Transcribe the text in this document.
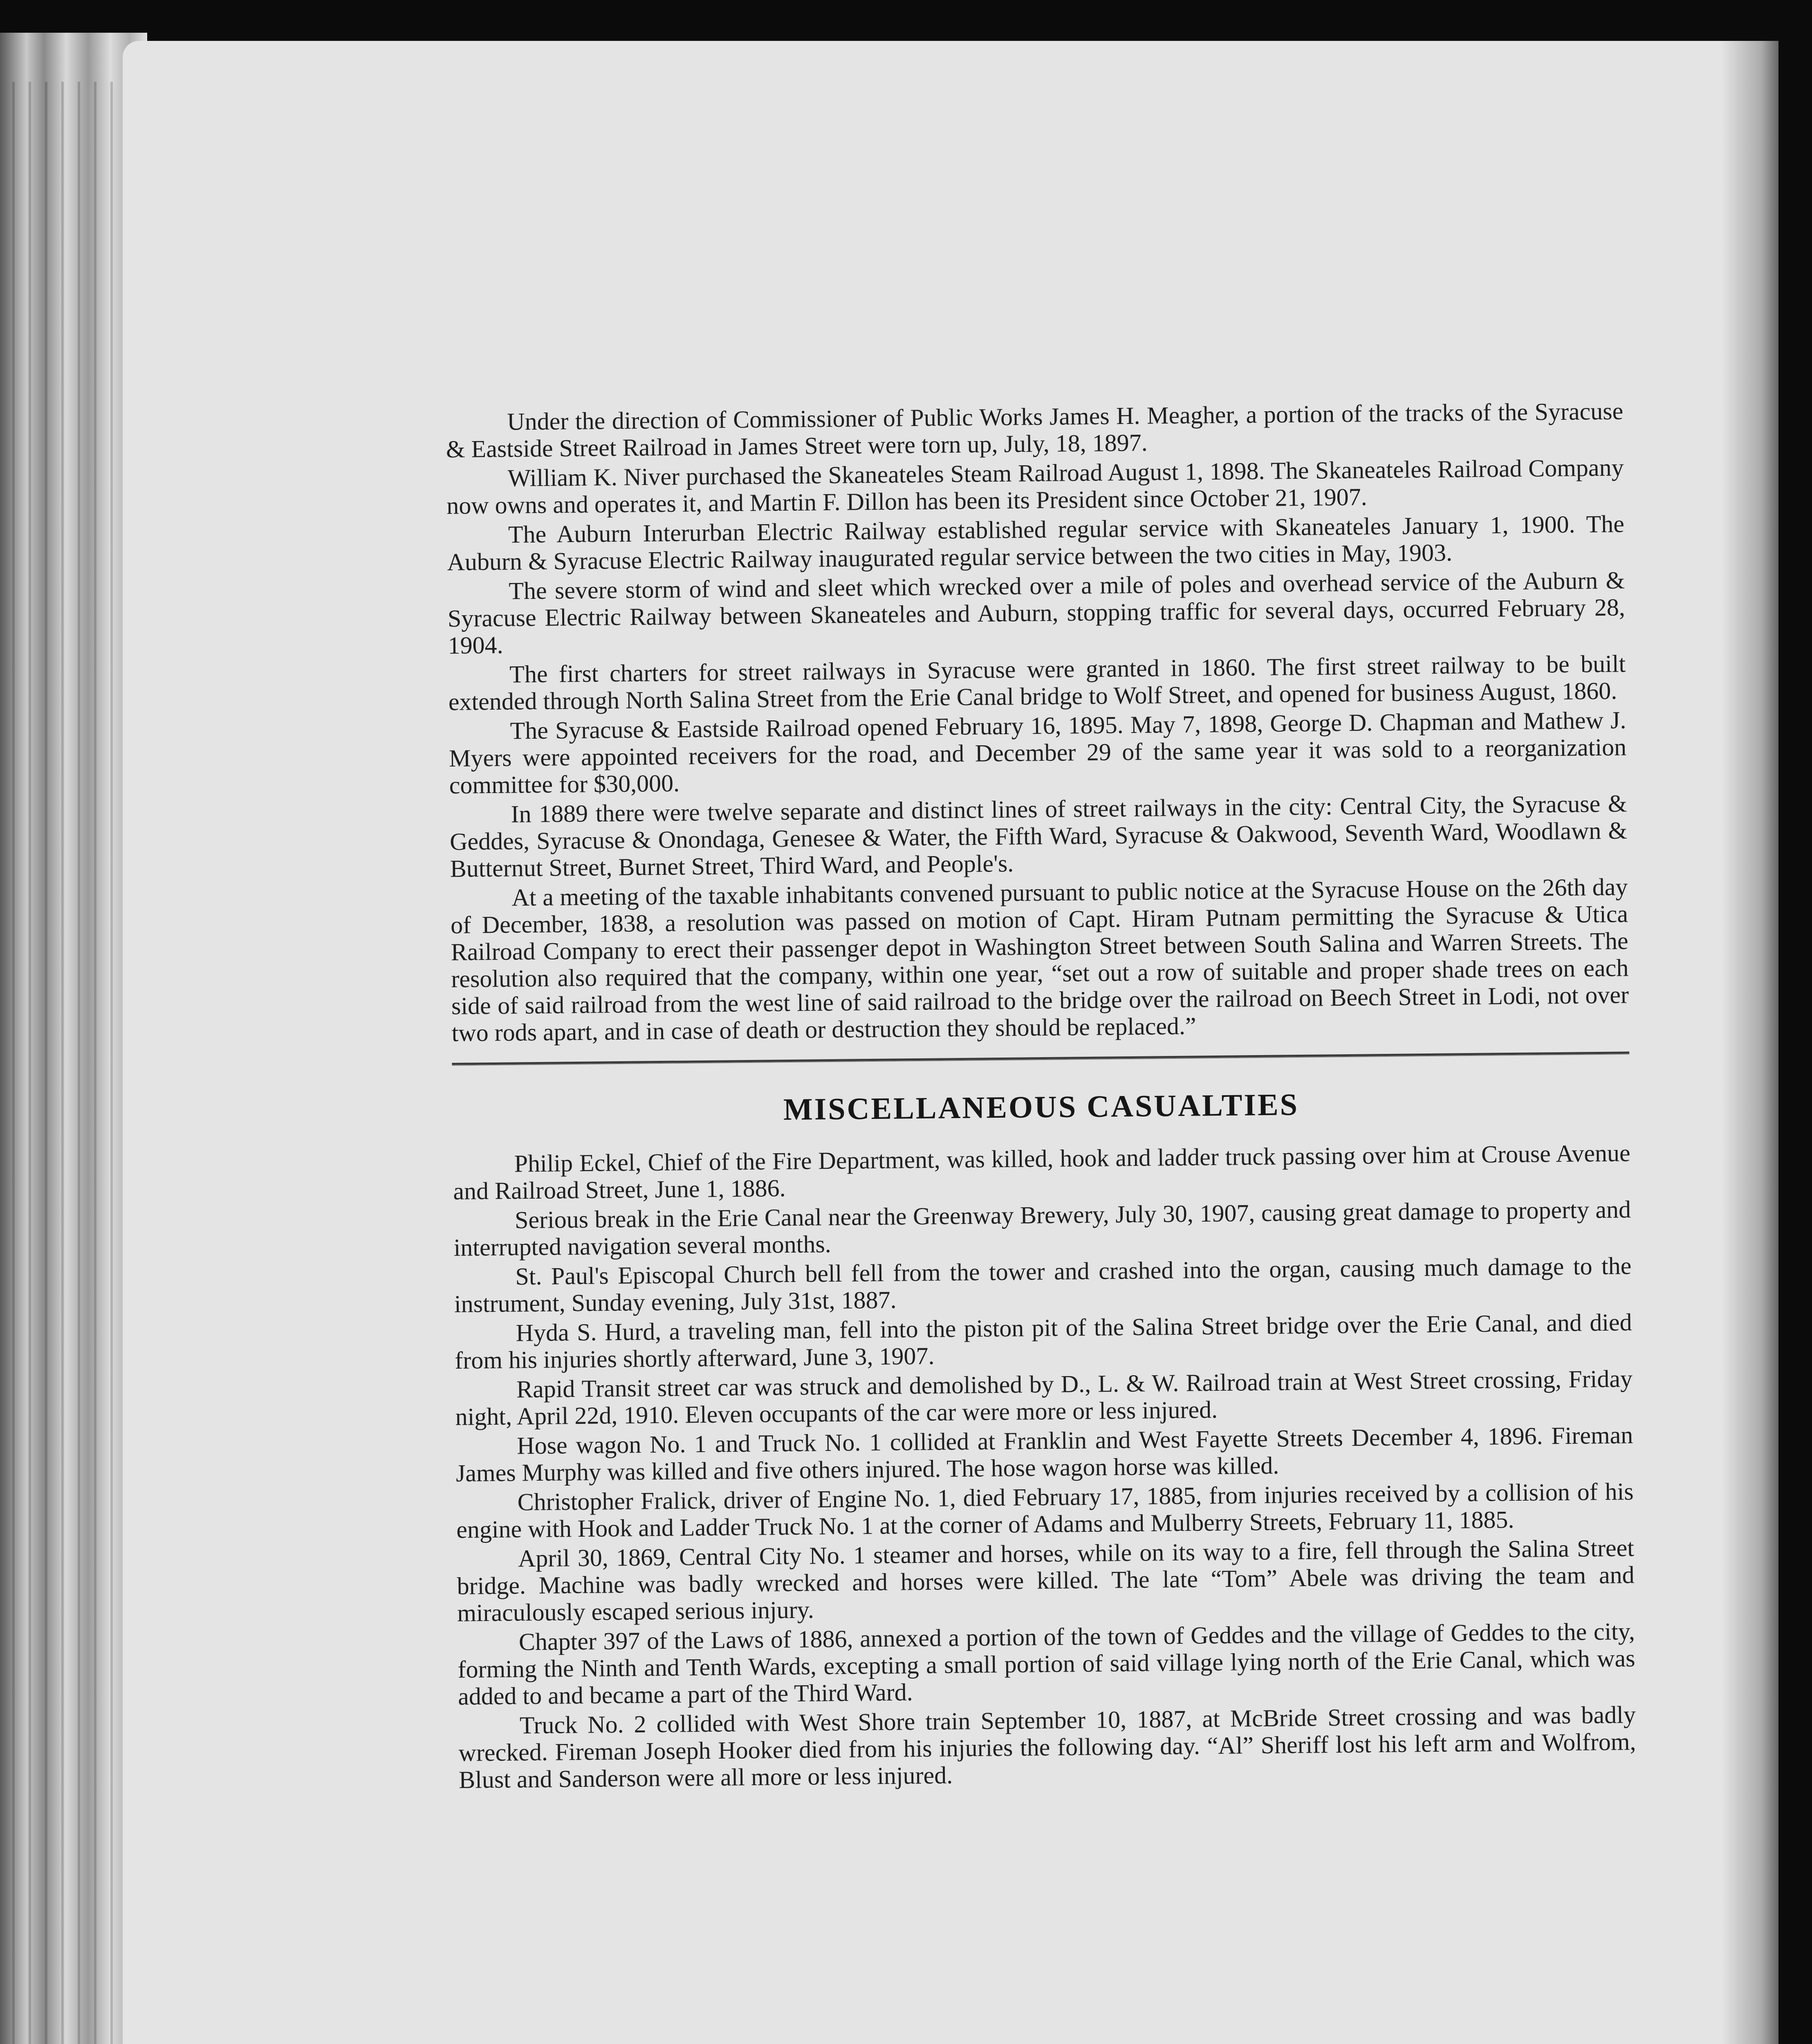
Under the direction of Commissioner of Public Works James H. Meagher, a portion of the tracks of the Syracuse & Eastside Street Railroad in James Street were torn up, July, 18, 1897.

William K. Niver purchased the Skaneateles Steam Railroad August 1, 1898. The Skaneateles Railroad Company now owns and operates it, and Martin F. Dillon has been its President since October 21, 1907.

The Auburn Interurban Electric Railway established regular service with Skaneateles January 1, 1900. The Auburn & Syracuse Electric Railway inaugurated regular service between the two cities in May, 1903.

The severe storm of wind and sleet which wrecked over a mile of poles and overhead service of the Auburn & Syracuse Electric Railway between Skaneateles and Auburn, stopping traffic for several days, occurred February 28, 1904.

The first charters for street railways in Syracuse were granted in 1860. The first street railway to be built extended through North Salina Street from the Erie Canal bridge to Wolf Street, and opened for business August, 1860.

The Syracuse & Eastside Railroad opened February 16, 1895. May 7, 1898, George D. Chapman and Mathew J. Myers were appointed receivers for the road, and December 29 of the same year it was sold to a reorganization committee for $30,000.

In 1889 there were twelve separate and distinct lines of street railways in the city: Central City, the Syracuse & Geddes, Syracuse & Onondaga, Genesee & Water, the Fifth Ward, Syracuse & Oakwood, Seventh Ward, Woodlawn & Butternut Street, Burnet Street, Third Ward, and People's.

At a meeting of the taxable inhabitants convened pursuant to public notice at the Syracuse House on the 26th day of December, 1838, a resolution was passed on motion of Capt. Hiram Putnam permitting the Syracuse & Utica Railroad Company to erect their passenger depot in Washington Street between South Salina and Warren Streets. The resolution also required that the company, within one year, “set out a row of suitable and proper shade trees on each side of said railroad from the west line of said railroad to the bridge over the railroad on Beech Street in Lodi, not over two rods apart, and in case of death or destruction they should be replaced.”

MISCELLANEOUS CASUALTIES

Philip Eckel, Chief of the Fire Department, was killed, hook and ladder truck passing over him at Crouse Avenue and Railroad Street, June 1, 1886.

Serious break in the Erie Canal near the Greenway Brewery, July 30, 1907, causing great damage to property and interrupted navigation several months.

St. Paul's Episcopal Church bell fell from the tower and crashed into the organ, causing much damage to the instrument, Sunday evening, July 31st, 1887.

Hyda S. Hurd, a traveling man, fell into the piston pit of the Salina Street bridge over the Erie Canal, and died from his injuries shortly afterward, June 3, 1907.

Rapid Transit street car was struck and demolished by D., L. & W. Railroad train at West Street crossing, Friday night, April 22d, 1910. Eleven occupants of the car were more or less injured.

Hose wagon No. 1 and Truck No. 1 collided at Franklin and West Fayette Streets December 4, 1896. Fireman James Murphy was killed and five others injured. The hose wagon horse was killed.

Christopher Fralick, driver of Engine No. 1, died February 17, 1885, from injuries received by a collision of his engine with Hook and Ladder Truck No. 1 at the corner of Adams and Mulberry Streets, February 11, 1885.

April 30, 1869, Central City No. 1 steamer and horses, while on its way to a fire, fell through the Salina Street bridge. Machine was badly wrecked and horses were killed. The late “Tom” Abele was driving the team and miraculously escaped serious injury.

Chapter 397 of the Laws of 1886, annexed a portion of the town of Geddes and the village of Geddes to the city, forming the Ninth and Tenth Wards, excepting a small portion of said village lying north of the Erie Canal, which was added to and became a part of the Third Ward.

Truck No. 2 collided with West Shore train September 10, 1887, at McBride Street crossing and was badly wrecked. Fireman Joseph Hooker died from his injuries the following day. “Al” Sheriff lost his left arm and Wolfrom, Blust and Sanderson were all more or less injured.
